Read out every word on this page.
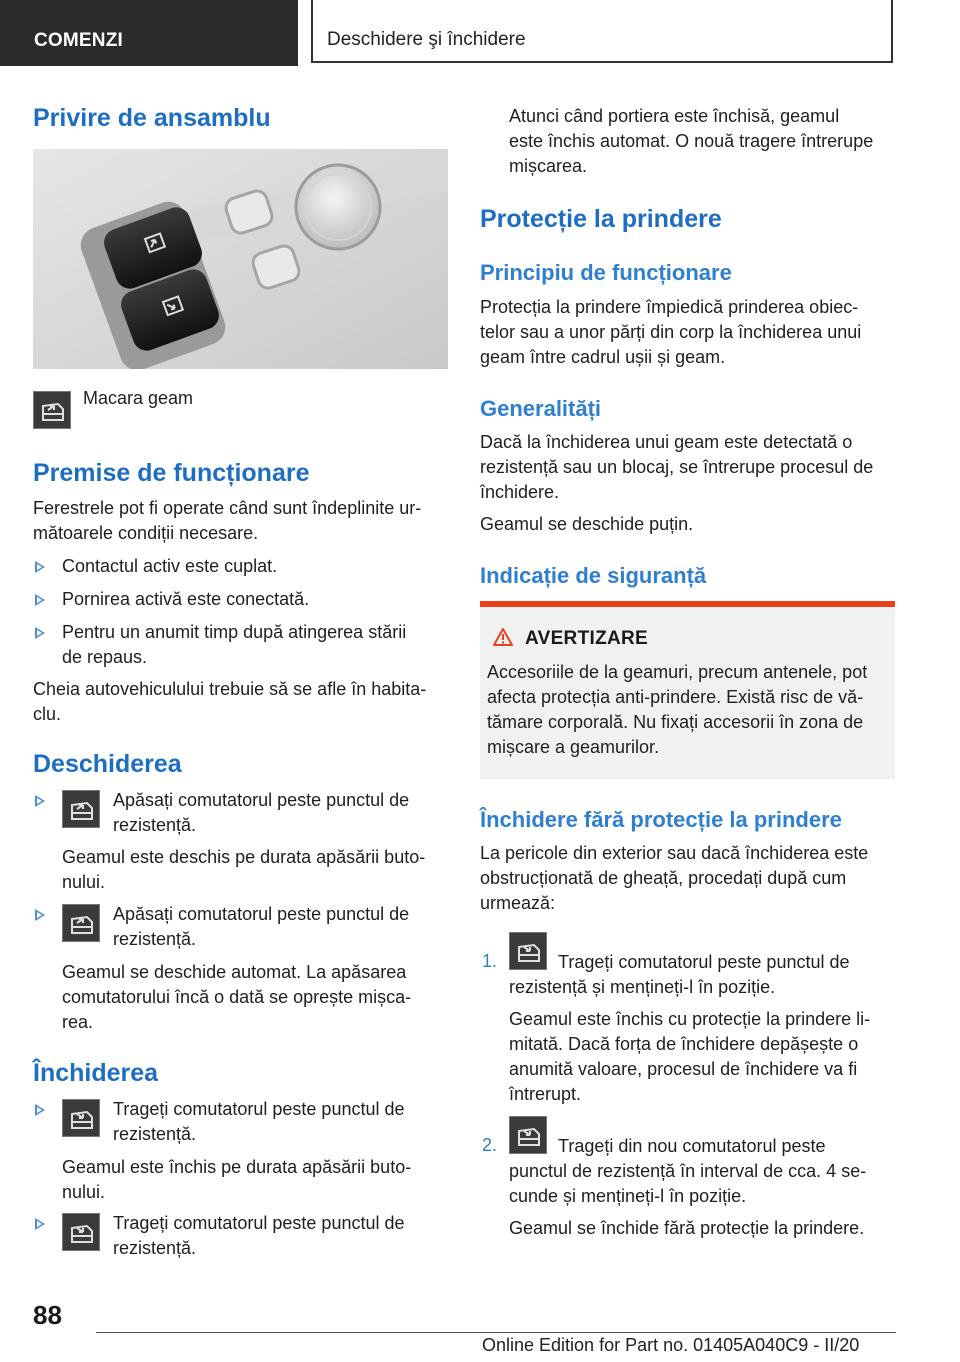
COMENZI	Deschidere şi închidere
Privire de ansamblu

Macara geam

Premise de funcționare

Ferestrele pot fi operate când sunt îndeplinite ur-
mătoarele condiții necesare.

Contactul activ este cuplat.

Pornirea activă este conectată.

Pentru un anumit timp după atingerea stării
de repaus.

Cheia autovehiculului trebuie să se afle în habita-
clu.

Deschiderea

Apăsați comutatorul peste punctul de
rezistență.

Geamul este deschis pe durata apăsării buto-
nului.

Apăsați comutatorul peste punctul de
rezistență.

Geamul se deschide automat. La apăsarea
comutatorului încă o dată se oprește mișca-
rea.

Închiderea

Trageți comutatorul peste punctul de
rezistență.

Geamul este închis pe durata apăsării buto-
nului.

Trageți comutatorul peste punctul de
rezistență.

Atunci când portiera este închisă, geamul
este închis automat. O nouă tragere întrerupe
mișcarea.

Protecție la prindere
Principiu de funcționare

Protecția la prindere împiedică prinderea obiec-
telor sau a unor părți din corp la închiderea unui
geam între cadrul ușii și geam.

Generalități

Dacă la închiderea unui geam este detectată o
rezistență sau un blocaj, se întrerupe procesul de
închidere.

Geamul se deschide puțin.

Indicație de siguranță
AVERTIZARE

Accesoriile de la geamuri, precum antenele, pot
afecta protecția anti-prindere. Există risc de vă-
tămare corporală. Nu fixați accesorii în zona de
mișcare a geamurilor.

Închidere fără protecție la prindere

La pericole din exterior sau dacă închiderea este
obstrucționată de gheață, procedați după cum
urmează:

1.	Trageți comutatorul peste punctul de
rezistență și mențineți-l în poziție.

Geamul este închis cu protecție la prindere li-
mitată. Dacă forța de închidere depășește o
anumită valoare, procesul de închidere va fi
întrerupt.

2.	Trageți din nou comutatorul peste
punctul de rezistență în interval de cca. 4 se-
cunde și mențineți-l în poziție.

Geamul se închide fără protecție la prindere.

88
Online Edition for Part no. 01405A040C9 - II/20
